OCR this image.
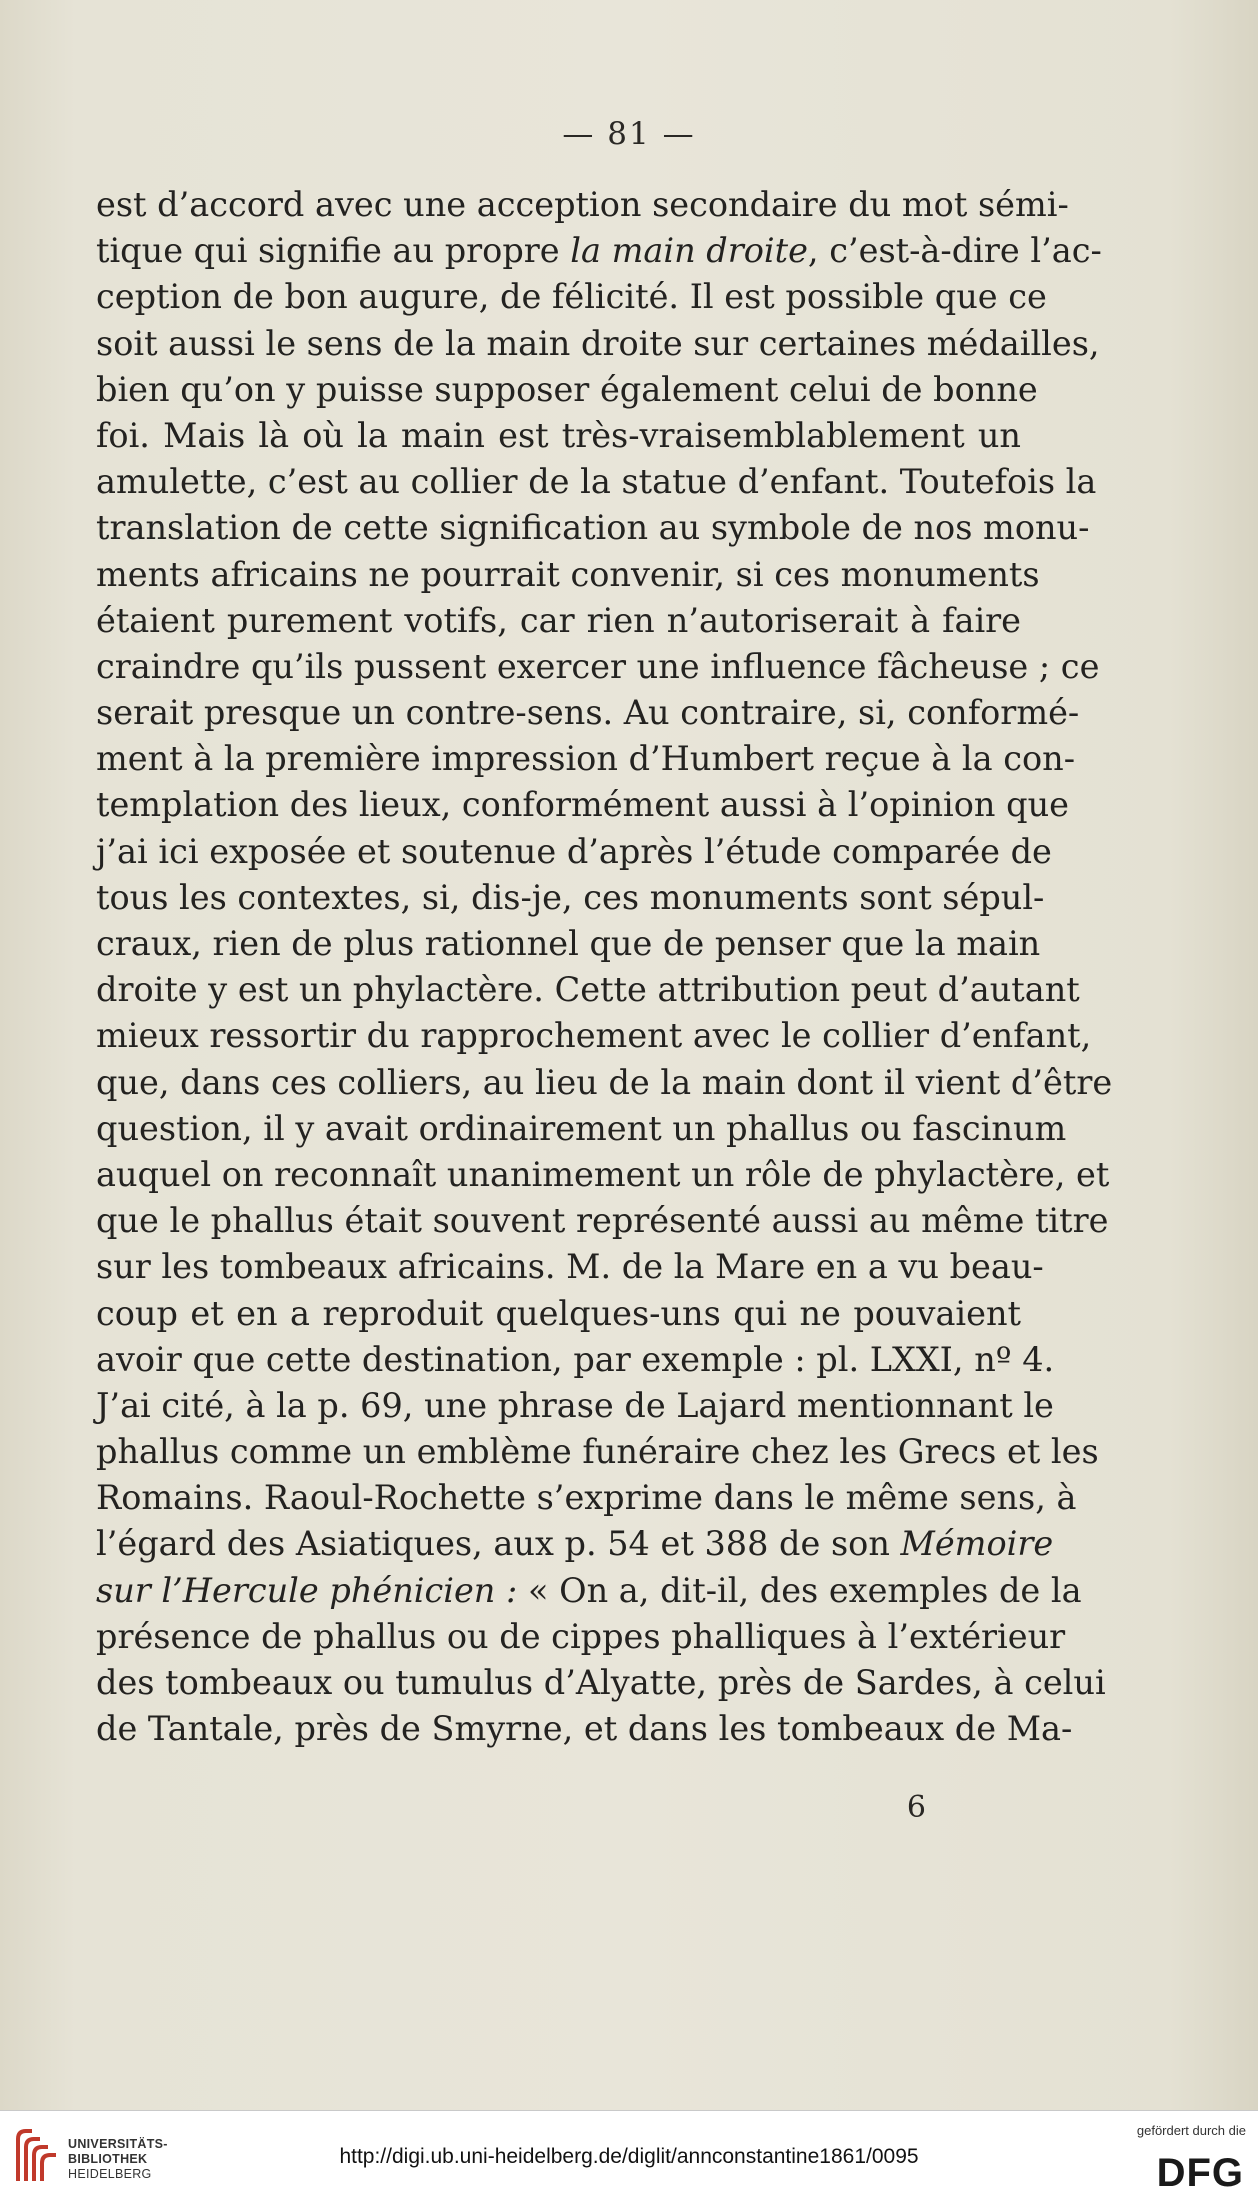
— 81 —
est d’accord avec une acception secondaire du mot sémi-
tique qui signifie au propre la main droite, c’est-à-dire l’ac-
ception de bon augure, de félicité. Il est possible que ce
soit aussi le sens de la main droite sur certaines médailles,
bien qu’on y puisse supposer également celui de bonne
foi. Mais là où la main est très-vraisemblablement un
amulette, c’est au collier de la statue d’enfant. Toutefois la
translation de cette signification au symbole de nos monu-
ments africains ne pourrait convenir, si ces monuments
étaient purement votifs, car rien n’autoriserait à faire
craindre qu’ils pussent exercer une influence fâcheuse ; ce
serait presque un contre-sens. Au contraire, si, conformé-
ment à la première impression d’Humbert reçue à la con-
templation des lieux, conformément aussi à l’opinion que
j’ai ici exposée et soutenue d’après l’étude comparée de
tous les contextes, si, dis-je, ces monuments sont sépul-
craux, rien de plus rationnel que de penser que la main
droite y est un phylactère. Cette attribution peut d’autant
mieux ressortir du rapprochement avec le collier d’enfant,
que, dans ces colliers, au lieu de la main dont il vient d’être
question, il y avait ordinairement un phallus ou fascinum
auquel on reconnaît unanimement un rôle de phylactère, et
que le phallus était souvent représenté aussi au même titre
sur les tombeaux africains. M. de la Mare en a vu beau-
coup et en a reproduit quelques-uns qui ne pouvaient
avoir que cette destination, par exemple : pl. LXXI, nº 4.
J’ai cité, à la p. 69, une phrase de Lajard mentionnant le
phallus comme un emblème funéraire chez les Grecs et les
Romains. Raoul-Rochette s’exprime dans le même sens, à
l’égard des Asiatiques, aux p. 54 et 388 de son Mémoire
sur l’Hercule phénicien : « On a, dit-il, des exemples de la
présence de phallus ou de cippes phalliques à l’extérieur
des tombeaux ou tumulus d’Alyatte, près de Sardes, à celui
de Tantale, près de Smyrne, et dans les tombeaux de Ma-
6
UNIVERSITÄTS-
BIBLIOTHEK
HEIDELBERG
http://digi.ub.uni-heidelberg.de/diglit/annconstantine1861/0095
gefördert durch die
DFG
